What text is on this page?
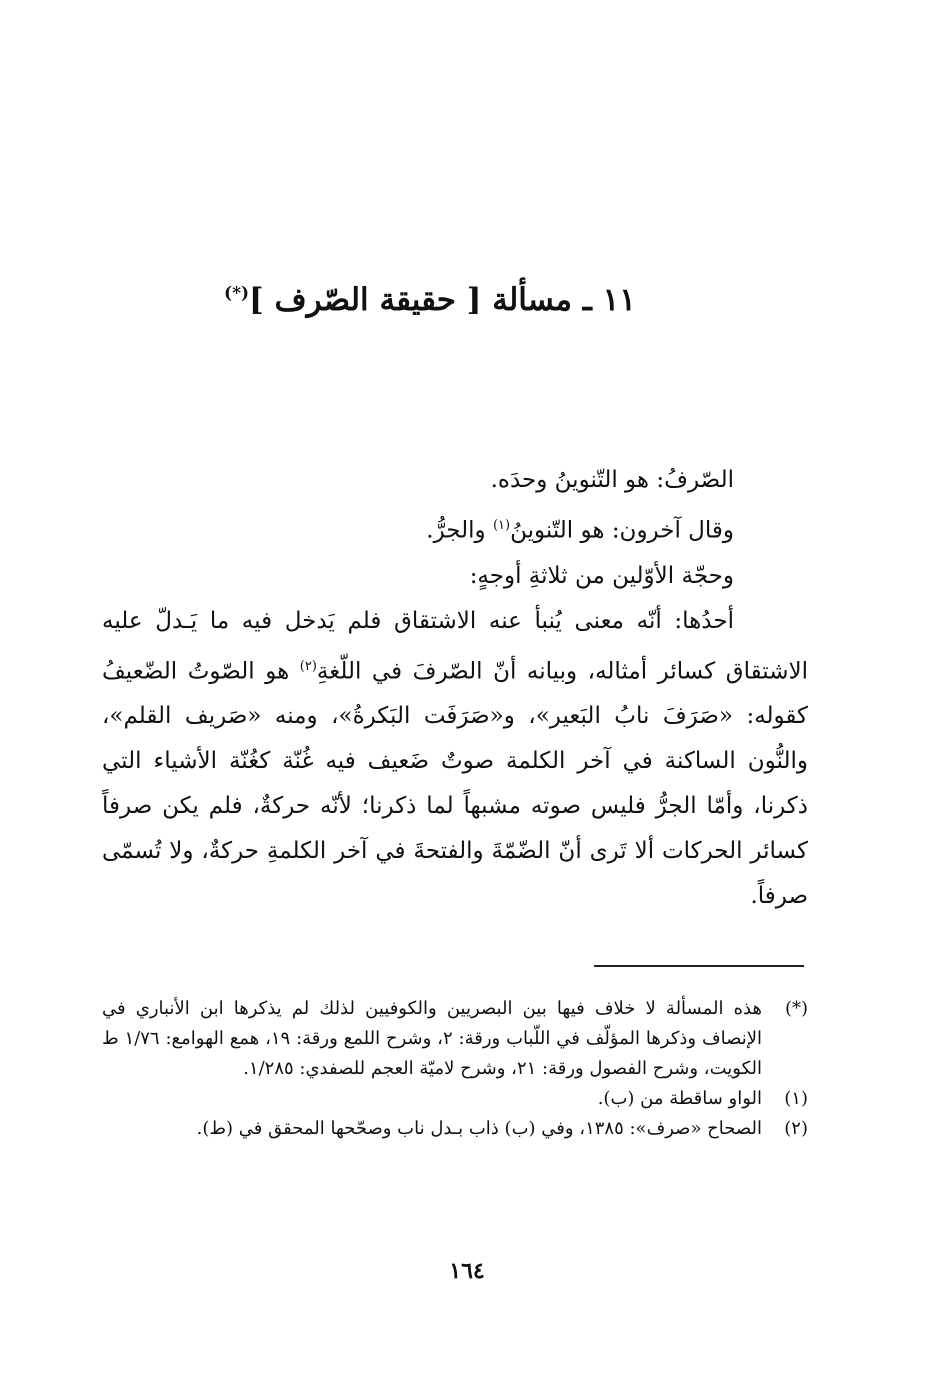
١١ ـ مسألة [ حقيقة الصّرف ](*)

الصّرفُ: هو التّنوينُ وحدَه.

وقال آخرون: هو التّنوينُ$^{(١)}$ والجرُّ.

وحجّة الأوّلين من ثلاثةِ أوجهٍ:

أحدُها: أنّه معنى يُنبأ عنه الاشتقاق فلم يَدخل فيه ما يَـدلّ عليه الاشتقاق كسائر أمثاله، وبيانه أنّ الصّرفَ في اللّغةِ$^{(٢)}$ هو الصّوتُ الضّعيفُ كقوله: «صَرَفَ نابُ البَعير»، و«صَرَفَت البَكرةُ»، ومنه «صَريف القلم»، والنُّون الساكنة في آخر الكلمة صوتٌ ضَعيف فيه غُنّة كغُنّة الأشياء التي ذكرنا، وأمّا الجرُّ فليس صوته مشبهاً لما ذكرنا؛ لأنّه حركةٌ، فلم يكن صرفاً كسائر الحركات ألا تَرى أنّ الضّمّةَ والفتحةَ في آخر الكلمةِ حركةٌ، ولا تُسمّى صرفاً.

(*)
هذه المسألة لا خلاف فيها بين البصريين والكوفيين لذلك لم يذكرها ابن الأنباري في الإنصاف وذكرها المؤلّف في اللّباب ورقة: ٢، وشرح اللمع ورقة: ١٩، همع الهوامع: ١/٧٦ ط الكويت، وشرح الفصول ورقة: ٢١، وشرح لاميّة العجم للصفدي: ١/٢٨٥.

(١)
الواو ساقطة من (ب).

(٢)
الصحاح «صرف»: ١٣٨٥، وفي (ب) ذاب بـدل ناب وصحّحها المحقق في (ط).

١٦٤
